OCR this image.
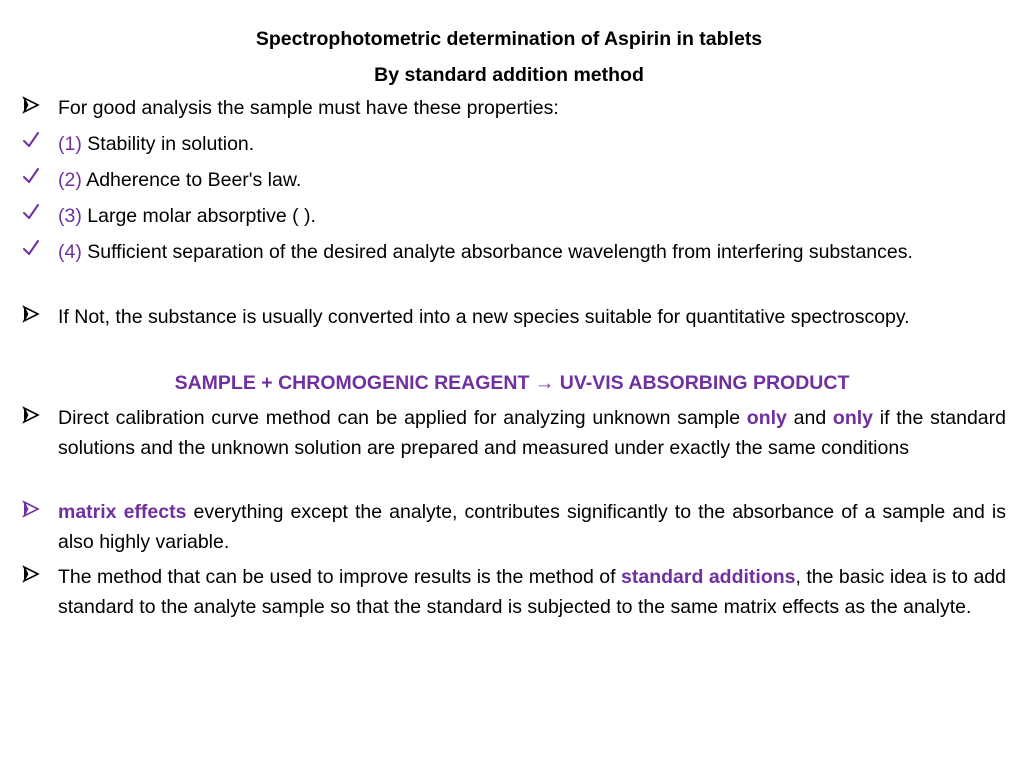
Spectrophotometric determination of Aspirin in tablets
By standard addition method
For good analysis the sample must have these properties:
(1) Stability in solution.
(2) Adherence to Beer's law.
(3) Large molar absorptive ( ).
(4) Sufficient separation of the desired analyte absorbance wavelength from interfering substances.
If Not, the substance is usually converted into a new species suitable for quantitative spectroscopy.
SAMPLE + CHROMOGENIC REAGENT → UV-VIS ABSORBING PRODUCT
Direct calibration curve method can be applied for analyzing unknown sample only and only if the standard solutions and the unknown solution are prepared and measured under exactly the same conditions
matrix effects everything except the analyte, contributes significantly to the absorbance of a sample and is also highly variable.
The method that can be used to improve results is the method of standard additions, the basic idea is to add standard to the analyte sample so that the standard is subjected to the same matrix effects as the analyte.
